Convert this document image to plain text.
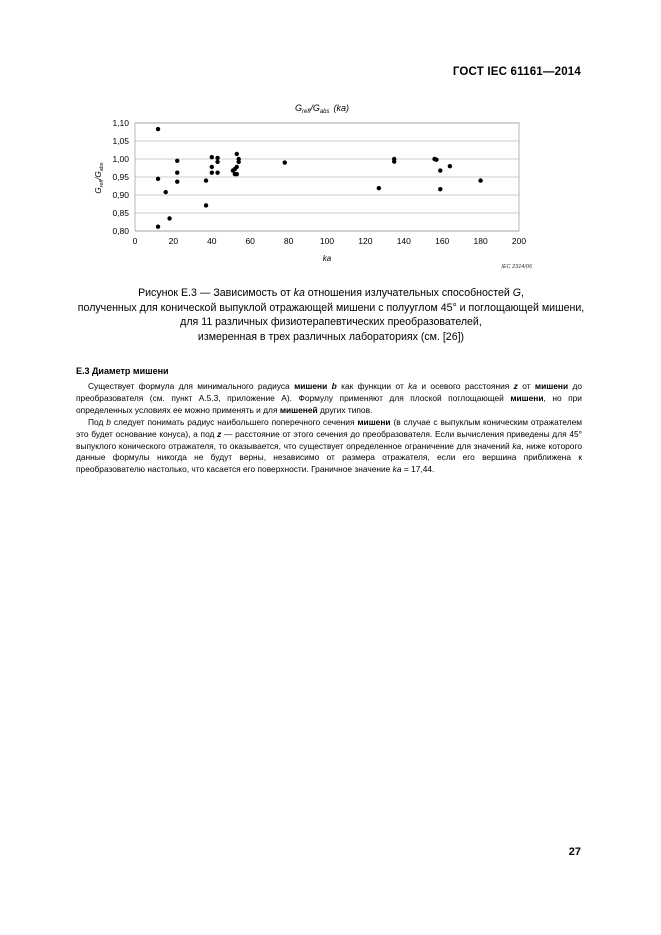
ГОСТ IEC 61161—2014
$G_{refl}/G_{abs}$ (ka)
$G_{refl}/G_{abs}$
0,80
0,85
0,90
0,95
1,00
1,05
1,10
0	20	40	60	80	100	120	140	160	180	200
ka
IEC 2314/06

Рисунок Е.3 — Зависимость от ka отношения излучательных способностей G,

полученных для конической выпуклой отражающей мишени с полууглом 45° и поглощающей мишени,

для 11 различных физиотерапевтических преобразователей,

измеренная в трех различных лабораториях (см. [26])

Е.3 Диаметр мишени

Существует формула для минимального радиуса мишени b как функции от ka и осевого расстояния z от мишени до преобразователя (см. пункт А.5.3, приложение А). Формулу применяют для плоской поглощающей мишени, но при определенных условиях ее можно применять и для мишеней других типов.

Под b следует понимать радиус наибольшего поперечного сечения мишени (в случае с выпуклым коническим отражателем это будет основание конуса), а под z — расстояние от этого сечения до преобразователя. Если вычисления приведены для 45° выпуклого конического отражателя, то оказывается, что существует определенное ограничение для значений ka, ниже которого данные формулы никогда не будут верны, независимо от размера отражателя, если его вершина приближена к преобразователю настолько, что касается его поверхности. Граничное значение ka = 17,44.

27
